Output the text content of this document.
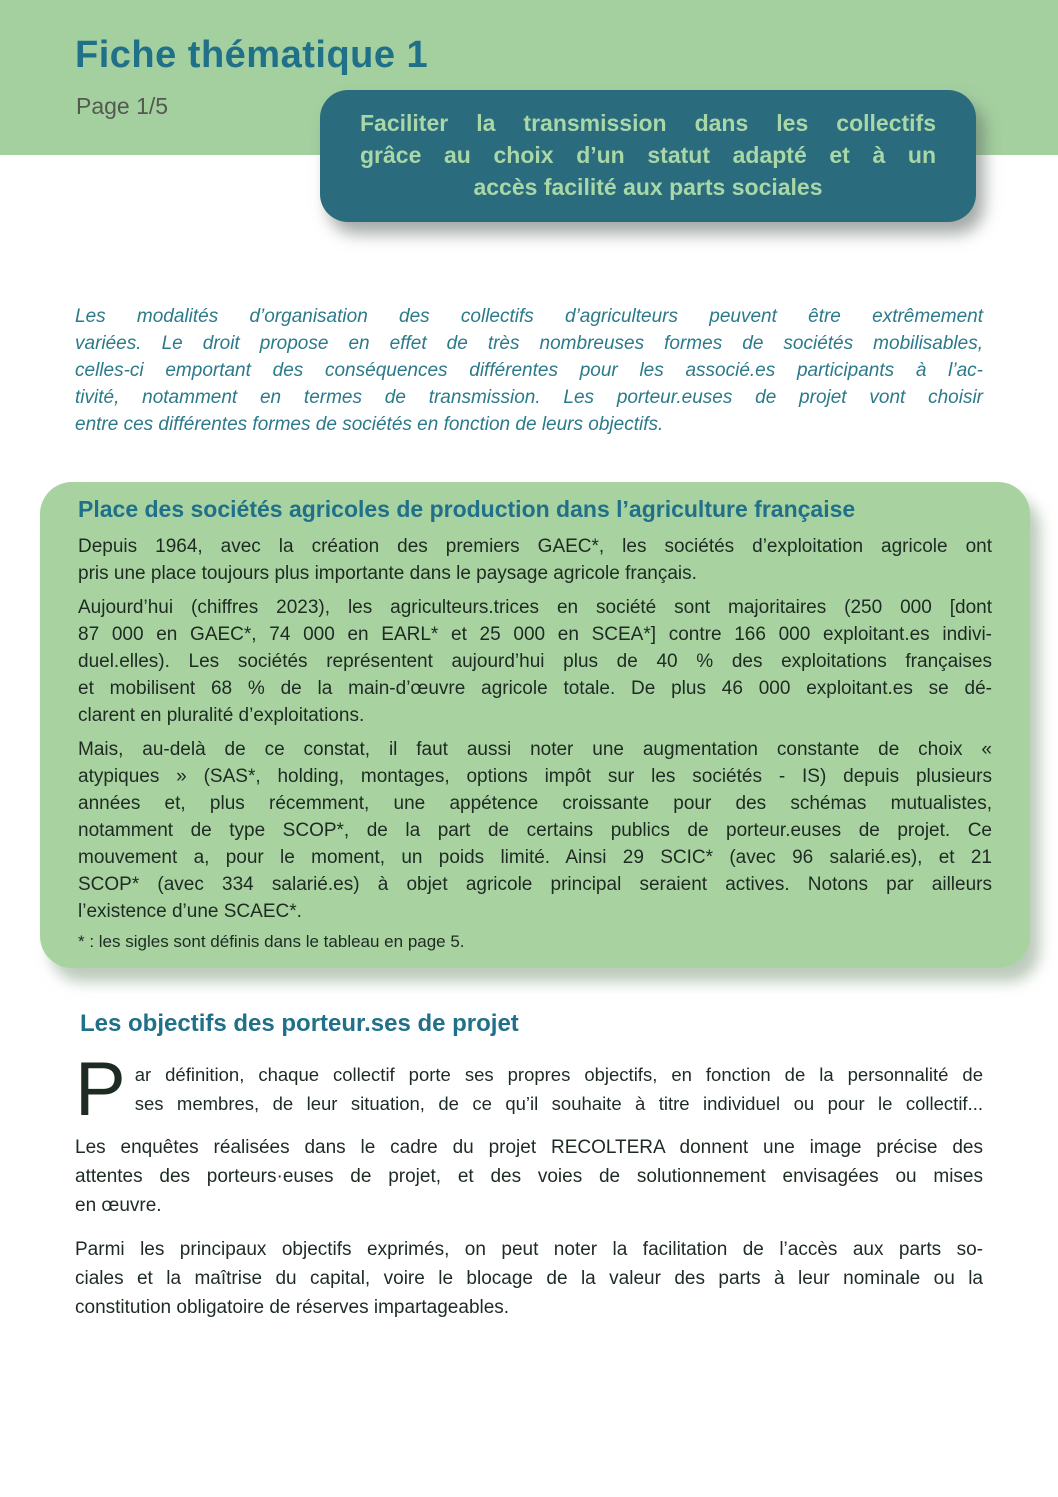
Fiche thématique 1
Page 1/5
Faciliter la transmission dans les collectifs
grâce au choix d’un statut adapté et à un
accès facilité aux parts sociales
Les modalités d’organisation des collectifs d’agriculteurs peuvent être extrêmement
variées. Le droit propose en effet de très nombreuses formes de sociétés mobilisables,
celles-ci emportant des conséquences différentes pour les associé.es participants à l’ac-
tivité, notamment en termes de transmission. Les porteur.euses de projet vont choisir
entre ces différentes formes de sociétés en fonction de leurs objectifs.
Place des sociétés agricoles de production dans l’agriculture française
Depuis 1964, avec la création des premiers GAEC*, les sociétés d’exploitation agricole ont
pris une place toujours plus importante dans le paysage agricole français.
Aujourd’hui (chiffres 2023), les agriculteurs.trices en société sont majoritaires (250 000 [dont
87 000 en GAEC*, 74 000 en EARL* et 25 000 en SCEA*] contre 166 000 exploitant.es indivi-
duel.elles). Les sociétés représentent aujourd’hui plus de 40 % des exploitations françaises
et mobilisent 68 % de la main-d’œuvre agricole totale. De plus 46 000 exploitant.es se dé-
clarent en pluralité d’exploitations.
Mais, au-delà de ce constat, il faut aussi noter une augmentation constante de choix «
atypiques » (SAS*, holding, montages, options impôt sur les sociétés - IS) depuis plusieurs
années et, plus récemment, une appétence croissante pour des schémas mutualistes,
notamment de type SCOP*, de la part de certains publics de porteur.euses de projet. Ce
mouvement a, pour le moment, un poids limité. Ainsi 29 SCIC* (avec 96 salarié.es), et 21
SCOP* (avec 334 salarié.es) à objet agricole principal seraient actives. Notons par ailleurs
l’existence d’une SCAEC*.
* : les sigles sont définis dans le tableau en page 5.
Les objectifs des porteur.ses de projet
P ar définition, chaque collectif porte ses propres objectifs, en fonction de la personnalité de
ses membres, de leur situation, de ce qu’il souhaite à titre individuel ou pour le collectif...
Les enquêtes réalisées dans le cadre du projet RECOLTERA donnent une image précise des
attentes des porteurs·euses de projet, et des voies de solutionnement envisagées ou mises
en œuvre.
Parmi les principaux objectifs exprimés, on peut noter la facilitation de l’accès aux parts so-
ciales et la maîtrise du capital, voire le blocage de la valeur des parts à leur nominale ou la
constitution obligatoire de réserves impartageables.
